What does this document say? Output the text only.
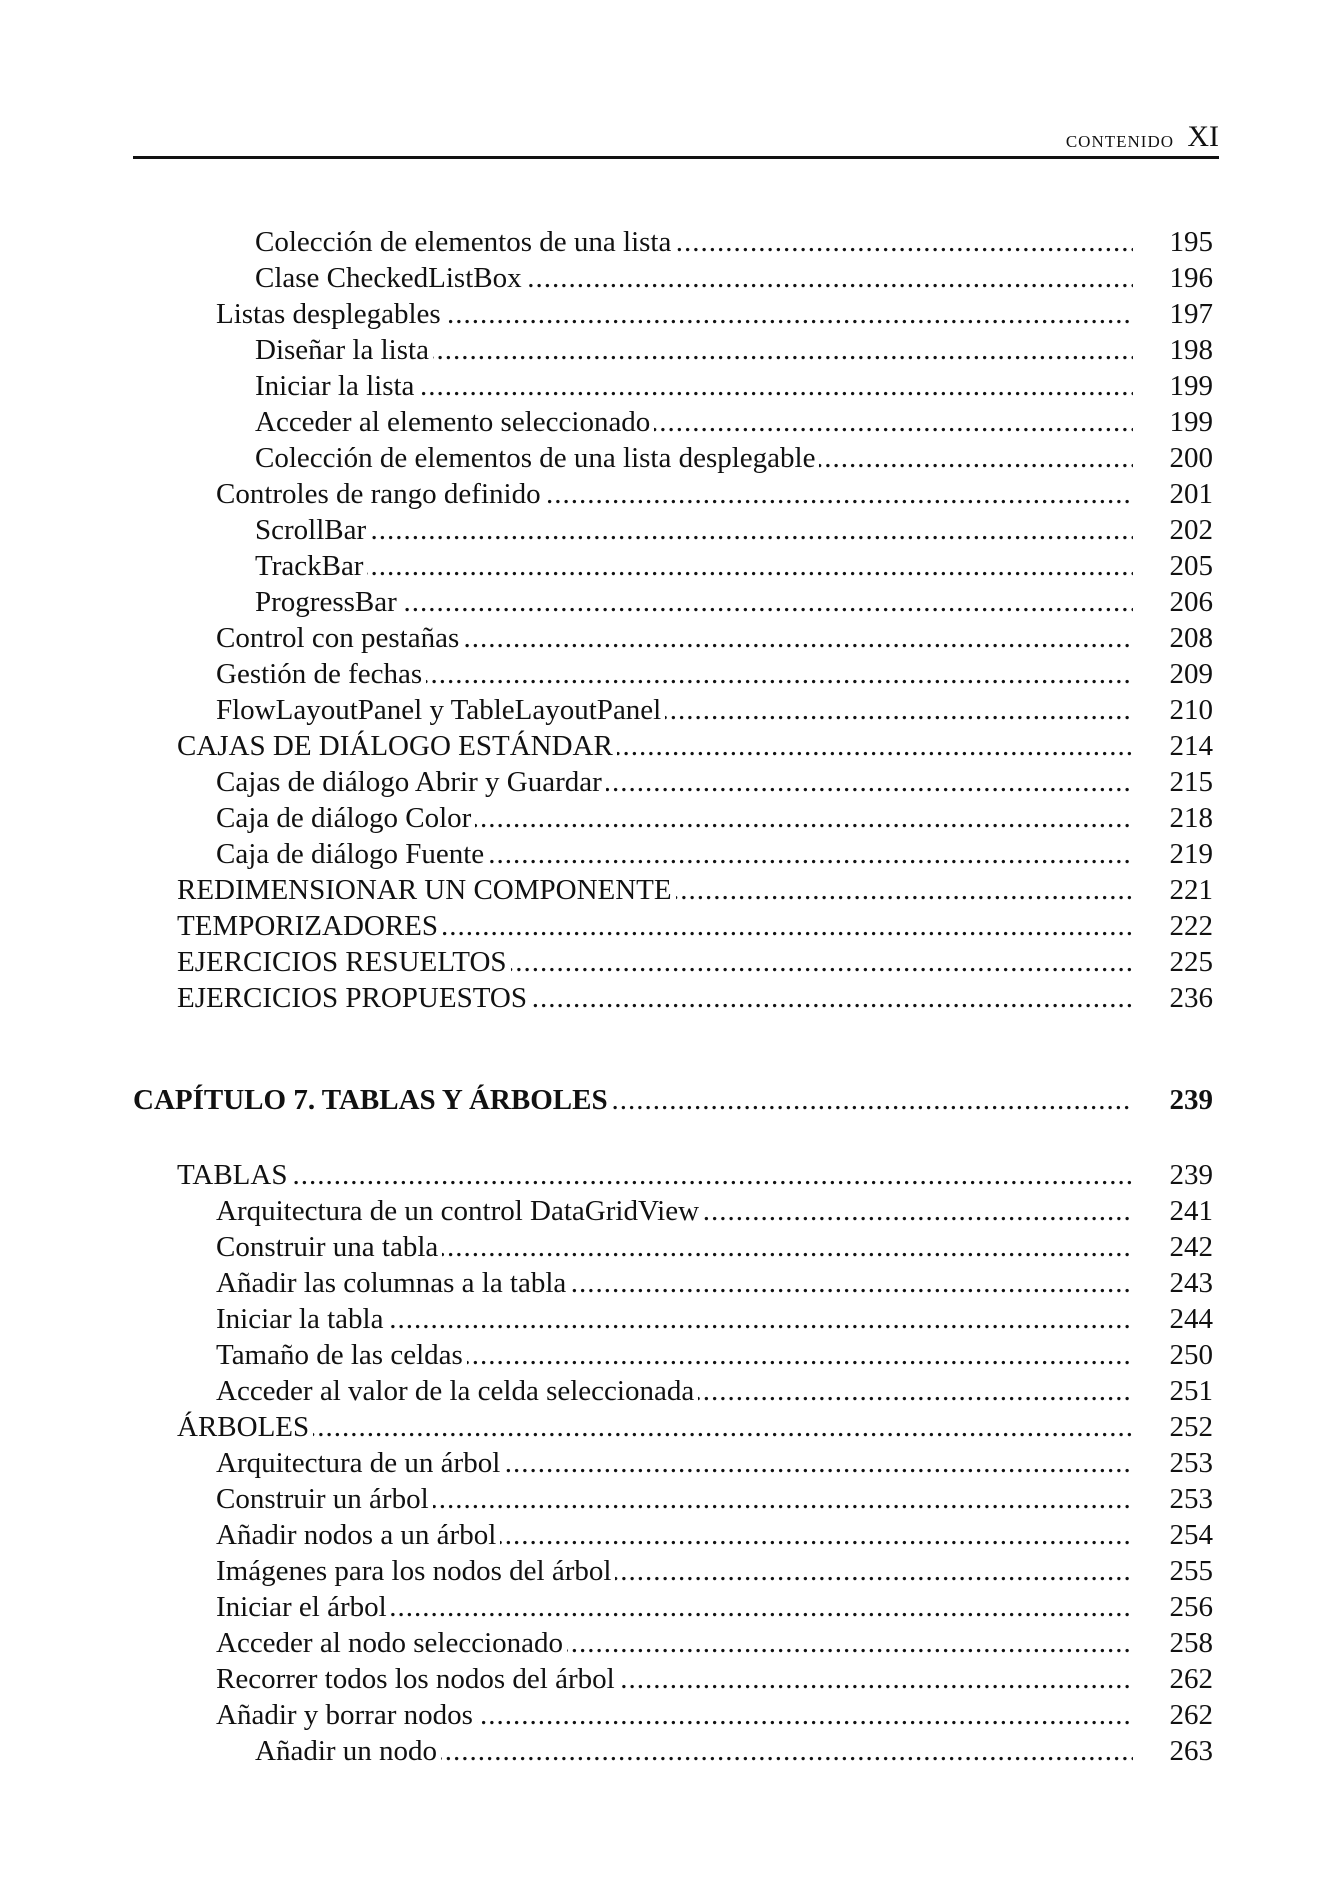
CONTENIDO XI
Colección de elementos de una lista .....	195
Clase CheckedListBox .....	196
Listas desplegables .....	197
Diseñar la lista .....	198
Iniciar la lista .....	199
Acceder al elemento seleccionado .....	199
Colección de elementos de una lista desplegable .....	200
Controles de rango definido .....	201
ScrollBar .....	202
TrackBar .....	205
ProgressBar .....	206
Control con pestañas .....	208
Gestión de fechas .....	209
FlowLayoutPanel y TableLayoutPanel .....	210
CAJAS DE DIÁLOGO ESTÁNDAR .....	214
Cajas de diálogo Abrir y Guardar .....	215
Caja de diálogo Color .....	218
Caja de diálogo Fuente .....	219
REDIMENSIONAR UN COMPONENTE .....	221
TEMPORIZADORES .....	222
EJERCICIOS RESUELTOS .....	225
EJERCICIOS PROPUESTOS .....	236
CAPÍTULO 7. TABLAS Y ÁRBOLES .....	239
TABLAS .....	239
Arquitectura de un control DataGridView .....	241
Construir una tabla .....	242
Añadir las columnas a la tabla .....	243
Iniciar la tabla .....	244
Tamaño de las celdas .....	250
Acceder al valor de la celda seleccionada .....	251
ÁRBOLES .....	252
Arquitectura de un árbol .....	253
Construir un árbol .....	253
Añadir nodos a un árbol .....	254
Imágenes para los nodos del árbol .....	255
Iniciar el árbol .....	256
Acceder al nodo seleccionado .....	258
Recorrer todos los nodos del árbol .....	262
Añadir y borrar nodos .....	262
Añadir un nodo .....	263
